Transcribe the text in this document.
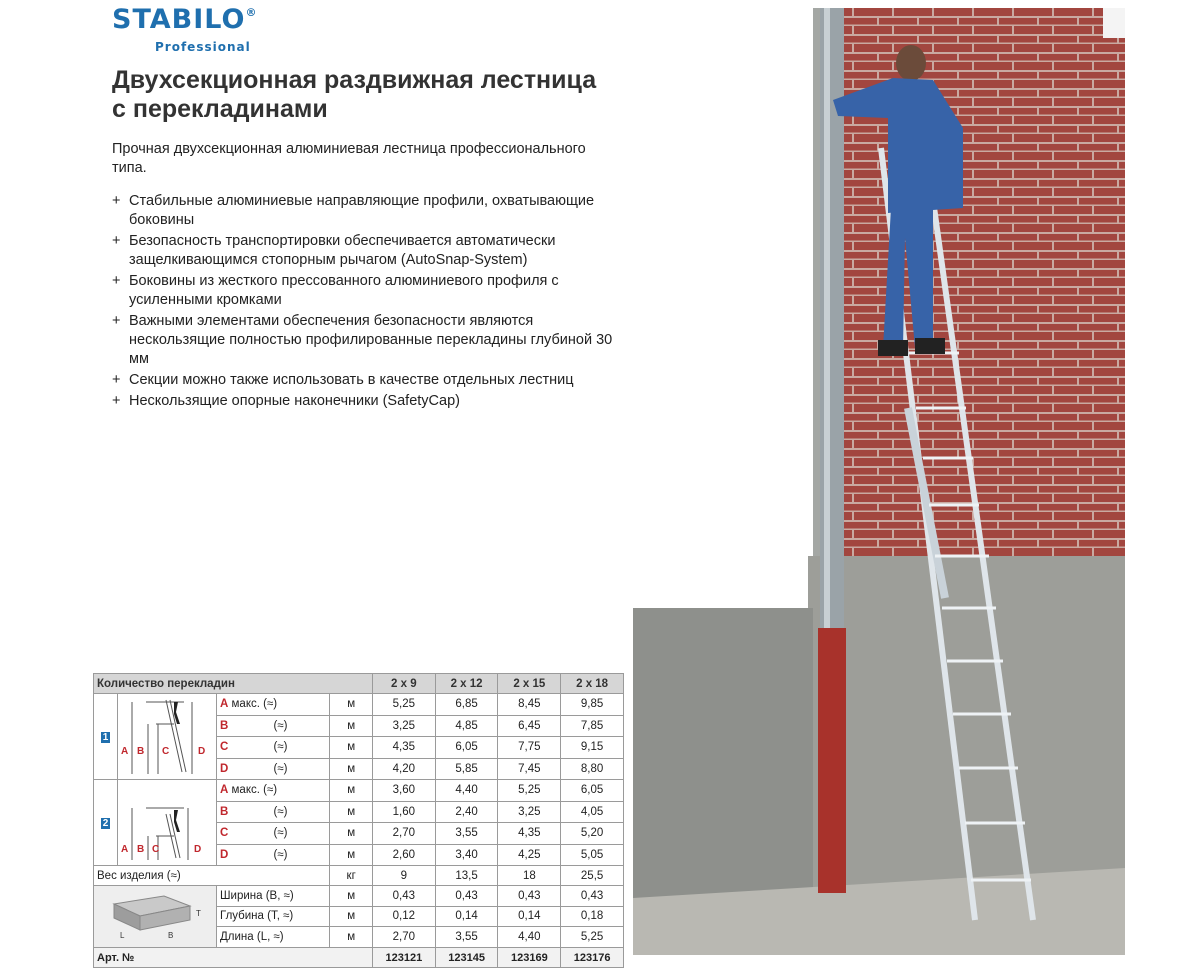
STABILO®
Professional
Двухсекционная раздвижная лестница с перекладинами
Прочная двухсекционная алюминиевая лестница профессионального типа.
+ Стабильные алюминиевые направляющие профили, охватывающие боковины
+ Безопасность транспортировки обеспечивается автоматически защелкивающимся стопорным рычагом (AutoSnap-System)
+ Боковины из жесткого прессованного алюминиевого профиля с усиленными кромками
+ Важными элементами обеспечения безопасности являются нескользящие полностью профилированные перекладины глубиной 30 мм
+ Секции можно также использовать в качестве отдельных лестниц
+ Нескользящие опорные наконечники (SafetyCap)
Количество перекладин				2 x 9	2 x 12	2 x 15	2 x 18
1	A B C D	A макс. (≈)	м	5,25	6,85	8,45	9,85
		B (≈)	м	3,25	4,85	6,45	7,85
		C (≈)	м	4,35	6,05	7,75	9,15
		D (≈)	м	4,20	5,85	7,45	8,80
2	A B C D	A макс. (≈)	м	3,60	4,40	5,25	6,05
		B (≈)	м	1,60	2,40	3,25	4,05
		C (≈)	м	2,70	3,55	4,35	5,20
		D (≈)	м	2,60	3,40	4,25	5,05
Вес изделия (≈)			кг	9	13,5	18	25,5

L B
T		Ширина (B, ≈)	м	0,43	0,43	0,43	0,43
		Глубина (T, ≈)	м	0,12	0,14	0,14	0,18
		Длина (L, ≈)	м	2,70	3,55	4,40	5,25
Арт. №				123121	123145	123169	123176
